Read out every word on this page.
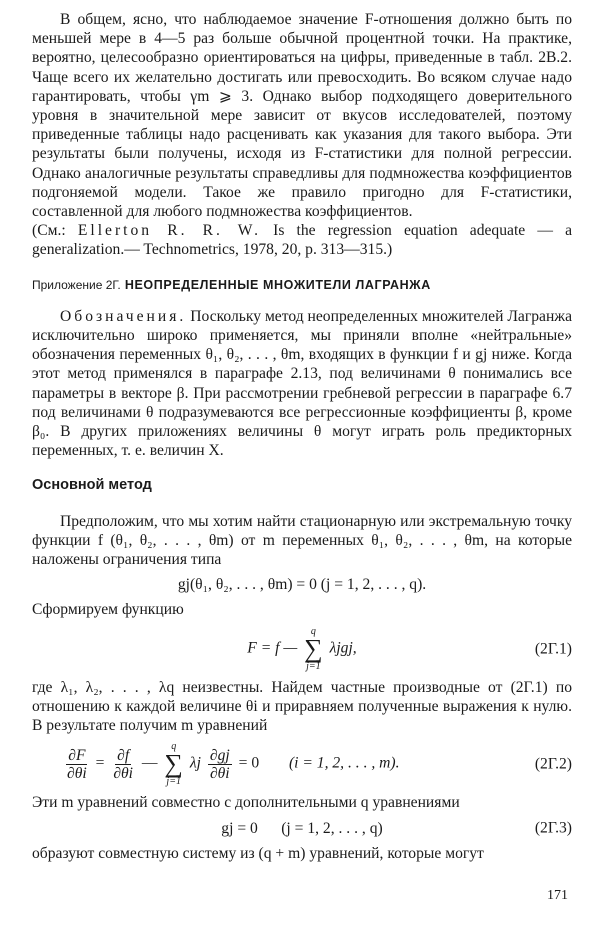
В общем, ясно, что наблюдаемое значение F-отношения должно быть по меньшей мере в 4—5 раз больше обычной процентной точки. На практике, вероятно, целесообразно ориентироваться на цифры, приведенные в табл. 2В.2. Чаще всего их желательно достигать или превосходить. Во всяком случае надо гарантировать, чтобы γm ⩾ 3. Однако выбор подходящего доверительного уровня в значительной мере зависит от вкусов исследователей, поэтому приведенные таблицы надо расценивать как указания для такого выбора. Эти результаты были получены, исходя из F-статистики для полной регрессии. Однако аналогичные результаты справедливы для подмножества коэффициентов подгоняемой модели. Такое же правило пригодно для F-статистики, составленной для любого подмножества коэффициентов.

(См.: Ellerton R. R. W. Is the regression equation adequate — a generalization.— Technometrics, 1978, 20, p. 313—315.)

Приложение 2Г. НЕОПРЕДЕЛЕННЫЕ МНОЖИТЕЛИ ЛАГРАНЖА

Обозначения. Поскольку метод неопределенных множителей Лагранжа исключительно широко применяется, мы приняли вполне «нейтральные» обозначения переменных θ₁, θ₂, . . . , θm, входящих в функции f и gj ниже. Когда этот метод применялся в параграфе 2.13, под величинами θ понимались все параметры в векторе β. При рассмотрении гребневой регрессии в параграфе 6.7 под величинами θ подразумеваются все регрессионные коэффициенты β, кроме β₀. В других приложениях величины θ могут играть роль предикторных переменных, т. е. величин X.

Основной метод

Предположим, что мы хотим найти стационарную или экстремальную точку функции f (θ₁, θ₂, . . . , θm) от m переменных θ₁, θ₂, . . . , θm, на которые наложены ограничения типа

gj(θ₁, θ₂, . . . , θm) = 0 (j = 1, 2, . . . , q).

Сформируем функцию

F = f —
q
∑
j=1
λjgj,	(2Г.1)

где λ₁, λ₂, . . . , λq неизвестны. Найдем частные производные от (2Г.1) по отношению к каждой величине θi и приравняем полученные выражения к нулю. В результате получим m уравнений

$\frac{\partial F}{\partial\theta i} = \frac{\partial f}{\partial\theta i}$ —
q
∑
j=1
λj $\frac{\partial gj}{\partial\theta i} = 0$ (i = 1, 2, . . . , m).	(2Г.2)

Эти m уравнений совместно с дополнительными q уравнениями

gj = 0      (j = 1, 2, . . . , q)	(2Г.3)

образуют совместную систему из (q + m) уравнений, которые могут

171
